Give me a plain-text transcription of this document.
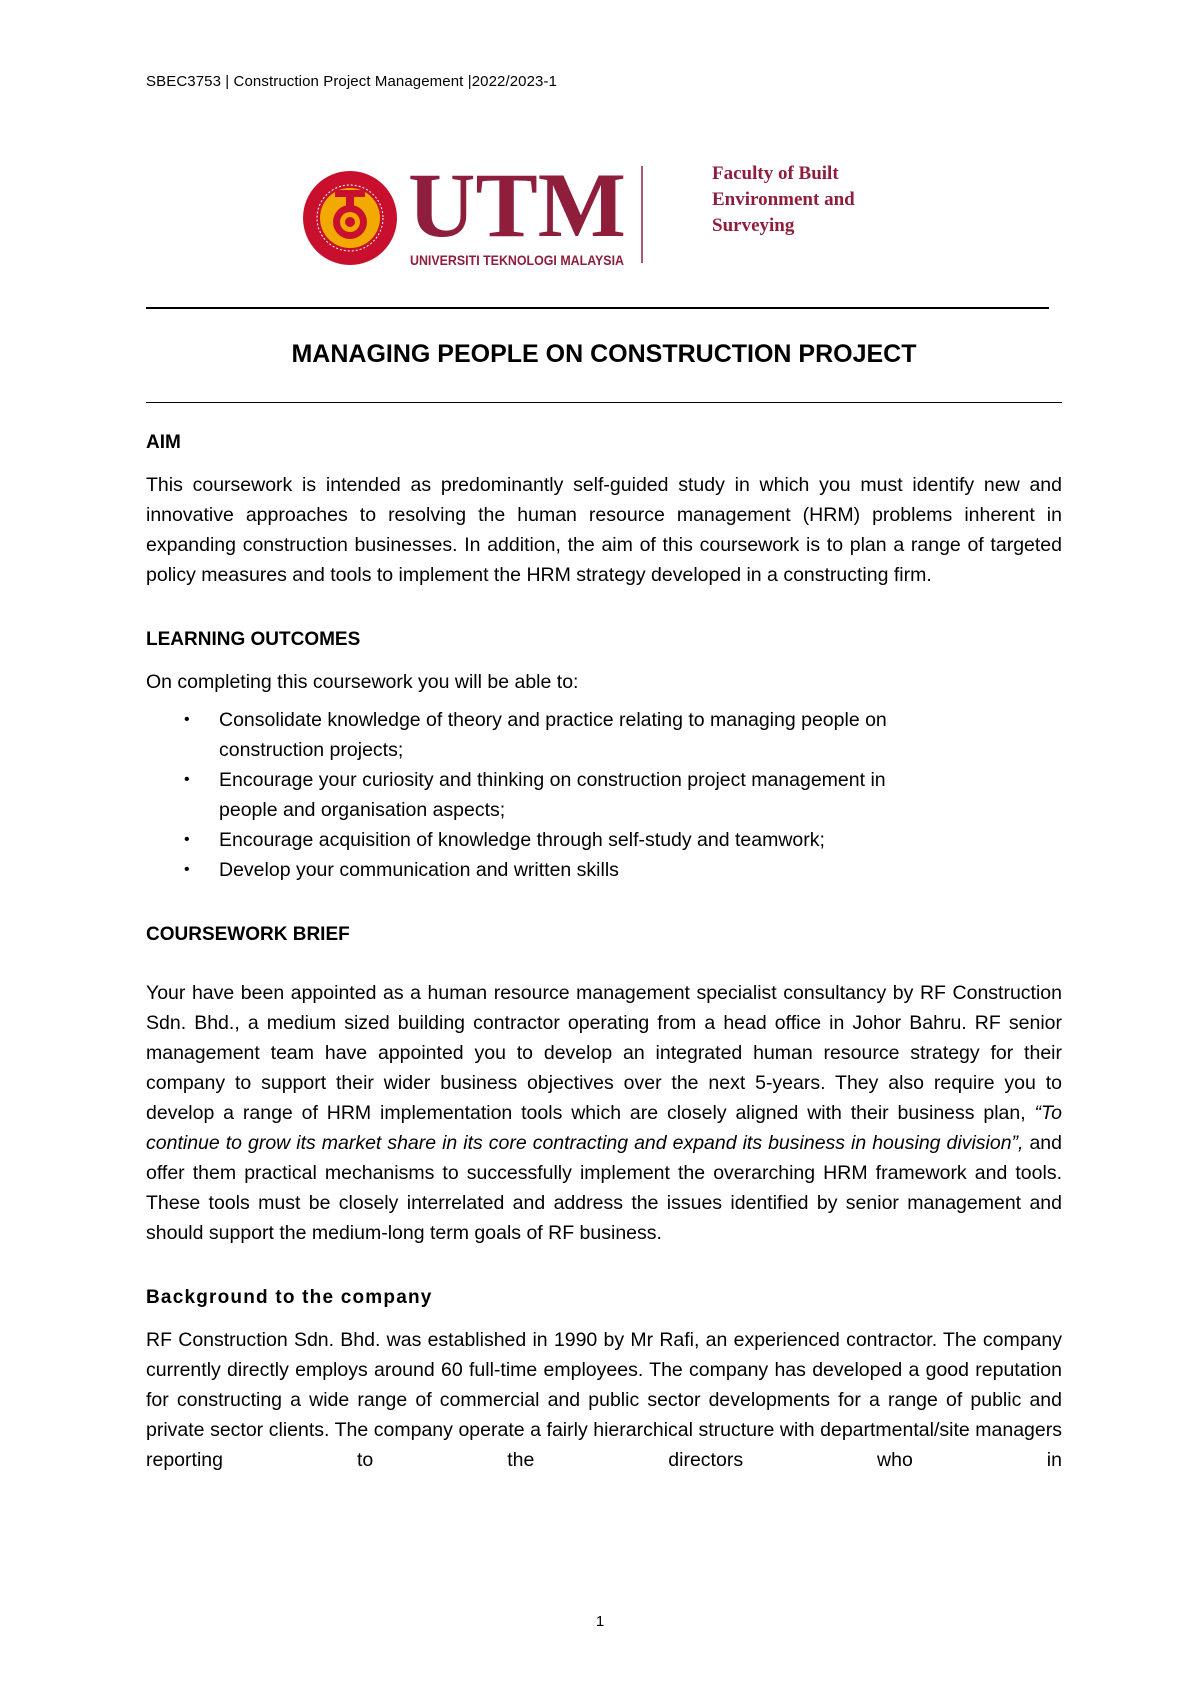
SBEC3753 | Construction Project Management |2022/2023-1
UTM
UNIVERSITI TEKNOLOGI MALAYSIA
Faculty of Built
Environment and
Surveying
MANAGING PEOPLE ON CONSTRUCTION PROJECT

AIM

This coursework is intended as predominantly self-guided study in which you must identify new and innovative approaches to resolving the human resource management (HRM) problems inherent in expanding construction businesses. In addition, the aim of this coursework is to plan a range of targeted policy measures and tools to implement the HRM strategy developed in a constructing firm.

LEARNING OUTCOMES

On completing this coursework you will be able to:

• Consolidate knowledge of theory and practice relating to managing people on construction projects;
• Encourage your curiosity and thinking on construction project management in people and organisation aspects;
• Encourage acquisition of knowledge through self-study and teamwork;
• Develop your communication and written skills

COURSEWORK BRIEF

Your have been appointed as a human resource management specialist consultancy by RF Construction Sdn. Bhd., a medium sized building contractor operating from a head office in Johor Bahru. RF senior management team have appointed you to develop an integrated human resource strategy for their company to support their wider business objectives over the next 5-years. They also require you to develop a range of HRM implementation tools which are closely aligned with their business plan, “To continue to grow its market share in its core contracting and expand its business in housing division”, and offer them practical mechanisms to successfully implement the overarching HRM framework and tools. These tools must be closely interrelated and address the issues identified by senior management and should support the medium-long term goals of RF business.

Background to the company

RF Construction Sdn. Bhd. was established in 1990 by Mr Rafi, an experienced contractor. The company currently directly employs around 60 full-time employees. The company has developed a good reputation for constructing a wide range of commercial and public sector developments for a range of public and private sector clients. The company operate a fairly hierarchical structure with departmental/site managers reporting to the directors who in

1
